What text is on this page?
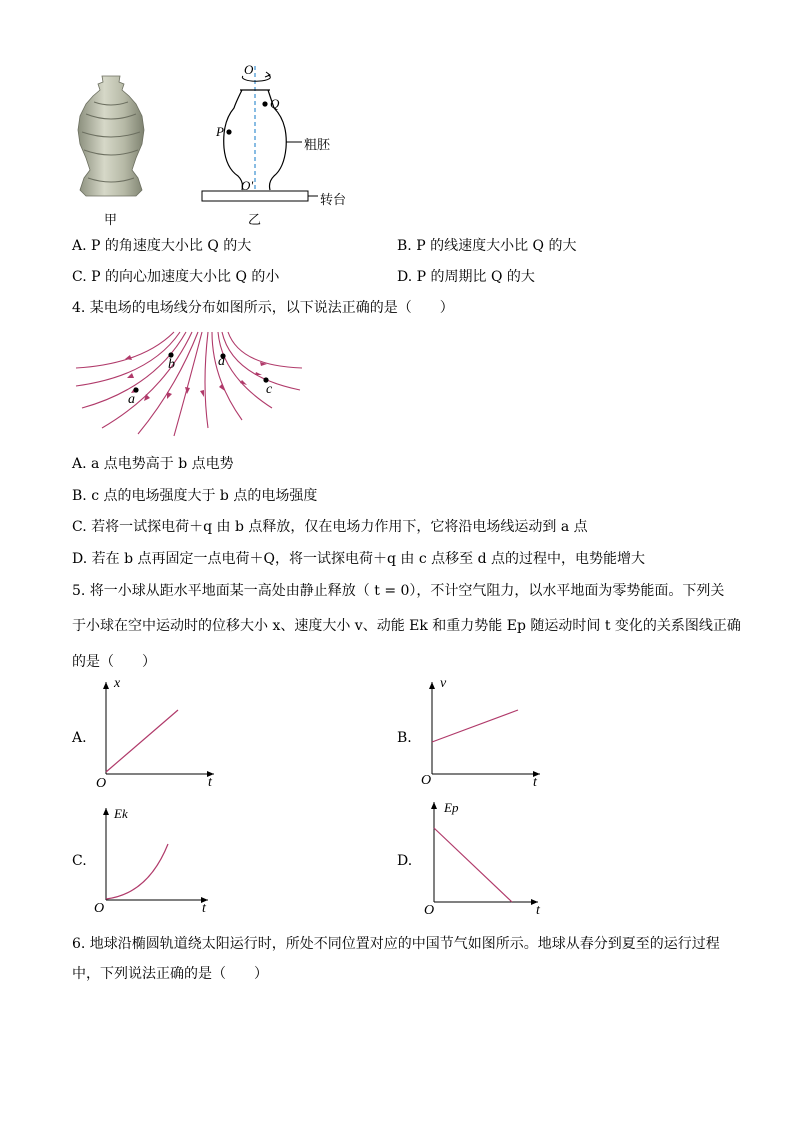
甲
O
Q
P
O'
粗胚
转台
乙
A. P 的角速度大小比 Q 的大	B. P 的线速度大小比 Q 的大
C. P 的向心加速度大小比 Q 的小	D. P 的周期比 Q 的大
4. 某电场的电场线分布如图所示，以下说法正确的是（　　）
b
a
d
c
A. a 点电势高于 b 点电势
B. c 点的电场强度大于 b 点的电场强度
C. 若将一试探电荷＋q 由 b 点释放，仅在电场力作用下，它将沿电场线运动到 a 点
D. 若在 b 点再固定一点电荷＋Q，将一试探电荷＋q 由 c 点移至 d 点的过程中，电势能增大
5. 将一小球从距水平地面某一高处由静止释放（ t = 0），不计空气阻力，以水平地面为零势能面。下列关
于小球在空中运动时的位移大小 x、速度大小 v、动能 Ek 和重力势能 Ep 随运动时间 t 变化的关系图线正确
的是（　　）
A.
x
t
O
B.
v
t
O
C.
Ek
t
O
D.
Ep
t
O
6. 地球沿椭圆轨道绕太阳运行时，所处不同位置对应的中国节气如图所示。地球从春分到夏至的运行过程
中，下列说法正确的是（　　）
